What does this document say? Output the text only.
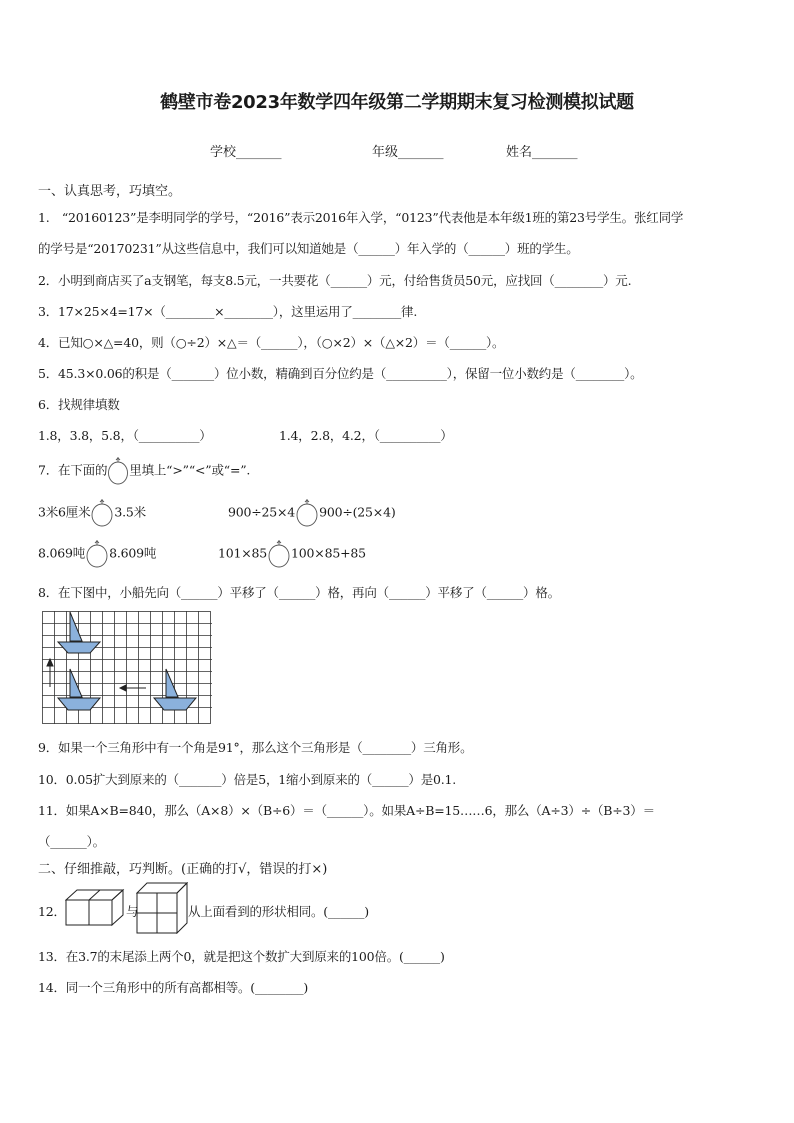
鹤壁市卷2023年数学四年级第二学期期末复习检测模拟试题
学校_______	年级_______	姓名_______
一、认真思考，巧填空。
1.　“20160123”是李明同学的学号，“2016”表示2016年入学，“0123”代表他是本年级1班的第23号学生。张红同学
的学号是“20170231”从这些信息中，我们可以知道她是（______）年入学的（______）班的学生。
2．小明到商店买了a支钢笔，每支8.5元，一共要花（______）元，付给售货员50元，应找回（________）元.
3．17×25×4=17×（________×________），这里运用了________律.
4．已知○×△=40，则（○÷2）×△＝（______），（○×2）×（△×2）＝（______）。
5．45.3×0.06的积是（_______）位小数，精确到百分位约是（__________），保留一位小数约是（________）。
6．找规律填数
1.8，3.8，5.8，（__________）	1.4，2.8，4.2，（__________）
7．在下面的 里填上“>”“<”或“=”.
3米6厘米 3.5米	900÷25×4 900÷(25×4)
8.069吨 8.609吨	101×85 100×85+85
8．在下图中，小船先向（______）平移了（______）格，再向（______）平移了（______）格。
9．如果一个三角形中有一个角是91°，那么这个三角形是（________）三角形。
10．0.05扩大到原来的（_______）倍是5，1缩小到原来的（______）是0.1.
11．如果A×B=840，那么（A×8）×（B÷6）＝（______）。如果A÷B=15……6，那么（A÷3）÷（B÷3）＝
（______）。
二、仔细推敲，巧判断。(正确的打√，错误的打×)
12．	与	从上面看到的形状相同。(______)
13．在3.7的末尾添上两个0，就是把这个数扩大到原来的100倍。(______)
14．同一个三角形中的所有高都相等。(________)
